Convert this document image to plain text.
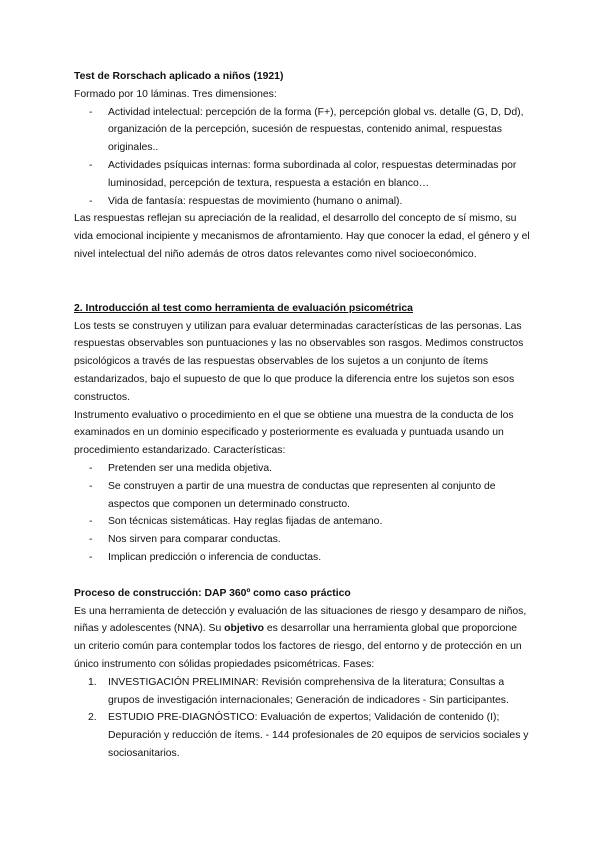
Test de Rorschach aplicado a niños (1921)

Formado por 10 láminas. Tres dimensiones:

- Actividad intelectual: percepción de la forma (F+), percepción global vs. detalle (G, D, Dd), organización de la percepción, sucesión de respuestas, contenido animal, respuestas originales..
- Actividades psíquicas internas: forma subordinada al color, respuestas determinadas por luminosidad, percepción de textura, respuesta a estación en blanco…
- Vida de fantasía: respuestas de movimiento (humano o animal).

Las respuestas reflejan su apreciación de la realidad, el desarrollo del concepto de sí mismo, su vida emocional incipiente y mecanismos de afrontamiento. Hay que conocer la edad, el género y el nivel intelectual del niño además de otros datos relevantes como nivel socioeconómico.

2. Introducción al test como herramienta de evaluación psicométrica

Los tests se construyen y utilizan para evaluar determinadas características de las personas. Las respuestas observables son puntuaciones y las no observables son rasgos. Medimos constructos psicológicos a través de las respuestas observables de los sujetos a un conjunto de ítems estandarizados, bajo el supuesto de que lo que produce la diferencia entre los sujetos son esos constructos.

Instrumento evaluativo o procedimiento en el que se obtiene una muestra de la conducta de los examinados en un dominio especificado y posteriormente es evaluada y puntuada usando un procedimiento estandarizado. Características:

- Pretenden ser una medida objetiva.
- Se construyen a partir de una muestra de conductas que representen al conjunto de aspectos que componen un determinado constructo.
- Son técnicas sistemáticas. Hay reglas fijadas de antemano.
- Nos sirven para comparar conductas.
- Implican predicción o inferencia de conductas.

Proceso de construcción: DAP 360º como caso práctico

Es una herramienta de detección y evaluación de las situaciones de riesgo y desamparo de niños, niñas y adolescentes (NNA). Su objetivo es desarrollar una herramienta global que proporcione un criterio común para contemplar todos los factores de riesgo, del entorno y de protección en un único instrumento con sólidas propiedades psicométricas. Fases:

1. INVESTIGACIÓN PRELIMINAR: Revisión comprehensiva de la literatura; Consultas a grupos de investigación internacionales; Generación de indicadores - Sin participantes.
2. ESTUDIO PRE-DIAGNÓSTICO: Evaluación de expertos; Validación de contenido (I); Depuración y reducción de ítems. - 144 profesionales de 20 equipos de servicios sociales y sociosanitarios.
